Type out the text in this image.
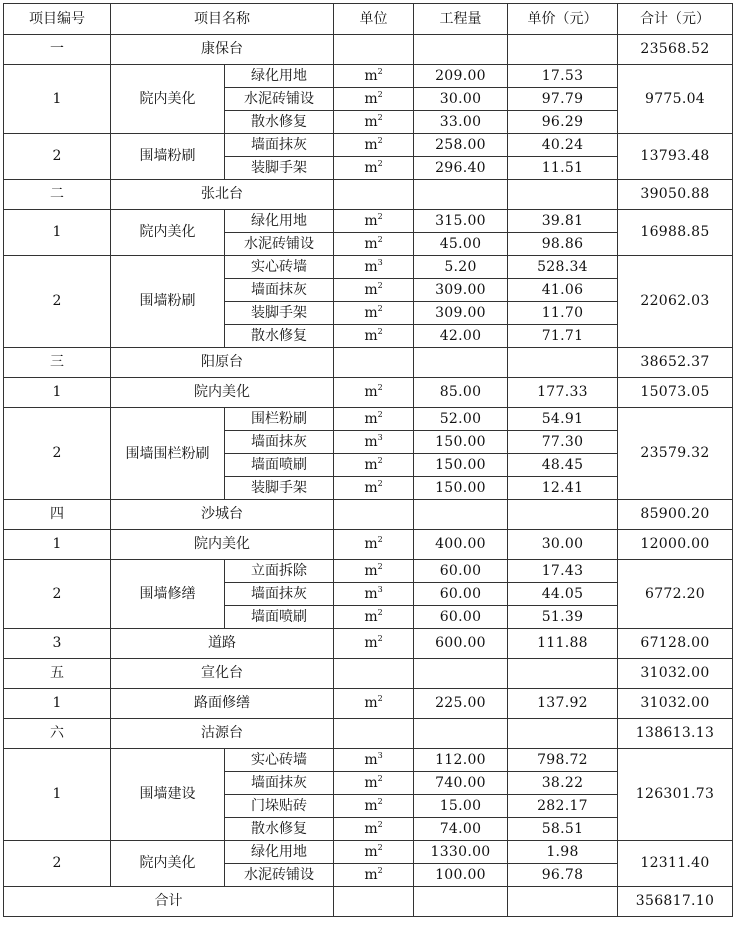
项目编号	项目名称		单位	工程量	单价（元）	合计（元）
一	康保台					23568.52
1	院内美化	绿化用地	$m^2$	209.00	17.53	9775.04
		水泥砖铺设	$m^2$	30.00	97.79	
		散水修复	$m^2$	33.00	96.29	
2	围墙粉刷	墙面抹灰	$m^2$	258.00	40.24	13793.48
		装脚手架	$m^2$	296.40	11.51	
二	张北台					39050.88
1	院内美化	绿化用地	$m^2$	315.00	39.81	16988.85
		水泥砖铺设	$m^2$	45.00	98.86	
2	围墙粉刷	实心砖墙	$m^3$	5.20	528.34	22062.03
		墙面抹灰	$m^2$	309.00	41.06	
		装脚手架	$m^2$	309.00	11.70	
		散水修复	$m^2$	42.00	71.71	
三	阳原台					38652.37
1	院内美化		$m^2$	85.00	177.33	15073.05
2	围墙围栏粉刷	围栏粉刷	$m^2$	52.00	54.91	23579.32
		墙面抹灰	$m^3$	150.00	77.30	
		墙面喷刷	$m^2$	150.00	48.45	
		装脚手架	$m^2$	150.00	12.41	
四	沙城台					85900.20
1	院内美化		$m^2$	400.00	30.00	12000.00
2	围墙修缮	立面拆除	$m^2$	60.00	17.43	6772.20
		墙面抹灰	$m^3$	60.00	44.05	
		墙面喷刷	$m^2$	60.00	51.39	
3	道路		$m^2$	600.00	111.88	67128.00
五	宣化台					31032.00
1	路面修缮		$m^2$	225.00	137.92	31032.00
六	沽源台					138613.13
1	围墙建设	实心砖墙	$m^3$	112.00	798.72	126301.73
		墙面抹灰	$m^2$	740.00	38.22	
		门垛贴砖	$m^2$	15.00	282.17	
		散水修复	$m^2$	74.00	58.51	
2	院内美化	绿化用地	$m^2$	1330.00	1.98	12311.40
		水泥砖铺设	$m^2$	100.00	96.78	
合计						356817.10
